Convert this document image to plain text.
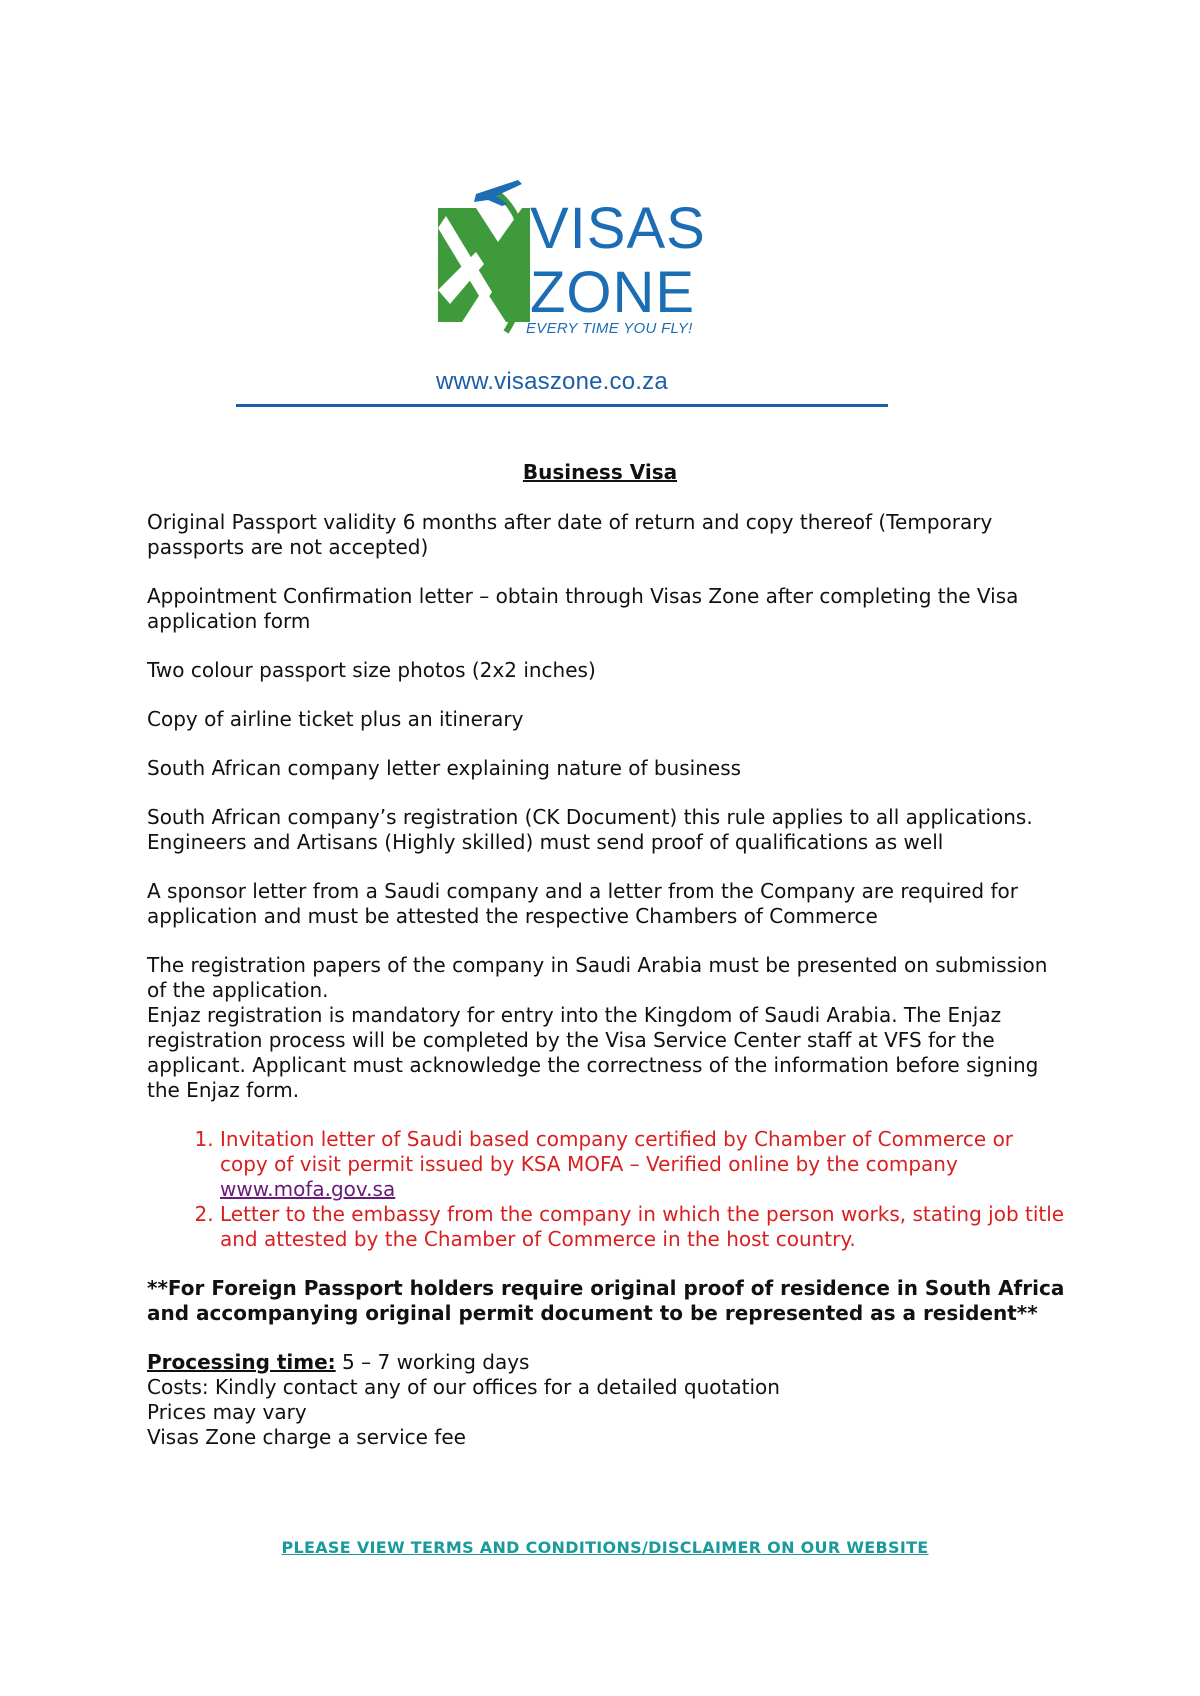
VISAS
ZONE
EVERY TIME YOU FLY!
www.visaszone.co.za
Business Visa

Original Passport validity 6 months after date of return and copy thereof (Temporary passports are not accepted)

Appointment Confirmation letter – obtain through Visas Zone after completing the Visa application form

Two colour passport size photos (2x2 inches)

Copy of airline ticket plus an itinerary

South African company letter explaining nature of business

South African company’s registration (CK Document) this rule applies to all applications. Engineers and Artisans (Highly skilled) must send proof of qualifications as well

A sponsor letter from a Saudi company and a letter from the Company are required for application and must be attested the respective Chambers of Commerce

The registration papers of the company in Saudi Arabia must be presented on submission of the application.

Enjaz registration is mandatory for entry into the Kingdom of Saudi Arabia. The Enjaz registration process will be completed by the Visa Service Center staff at VFS for the applicant. Applicant must acknowledge the correctness of the information before signing the Enjaz form.

1. Invitation letter of Saudi based company certified by Chamber of Commerce or copy of visit permit issued by KSA MOFA – Verified online by the company www.mofa.gov.sa
2. Letter to the embassy from the company in which the person works, stating job title and attested by the Chamber of Commerce in the host country.

**For Foreign Passport holders require original proof of residence in South Africa and accompanying original permit document to be represented as a resident**

Processing time: 5 – 7 working days
Costs: Kindly contact any of our offices for a detailed quotation
Prices may vary
Visas Zone charge a service fee
PLEASE VIEW TERMS AND CONDITIONS/DISCLAIMER ON OUR WEBSITE
